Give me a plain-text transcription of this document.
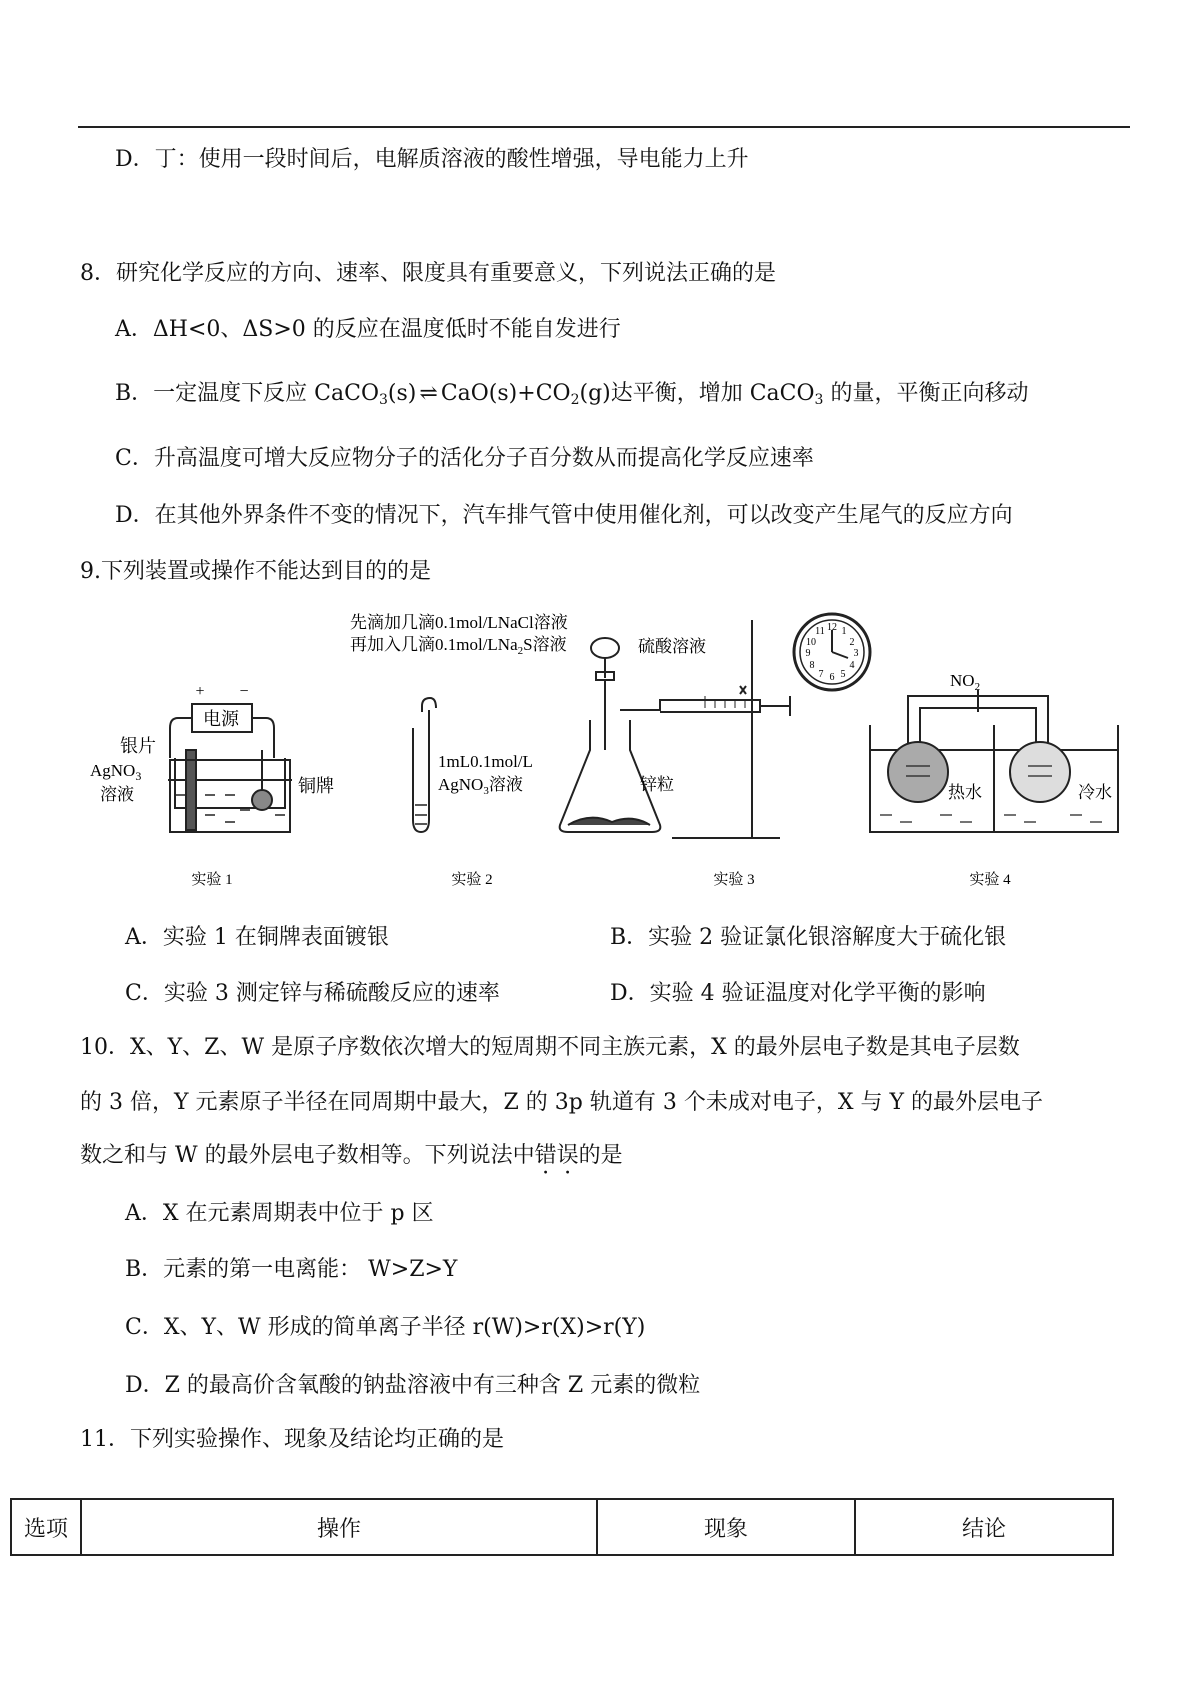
D．丁：使用一段时间后，电解质溶液的酸性增强，导电能力上升
8．研究化学反应的方向、速率、限度具有重要意义，下列说法正确的是
A．ΔH<0、ΔS>0 的反应在温度低时不能自发进行
B．一定温度下反应 CaCO$_3$(s) ⇌ $CaO(s)+CO_2(g)$达平衡，增加 CaCO$_3$ 的量，平衡正向移动
C．升高温度可增大反应物分子的活化分子百分数从而提高化学反应速率
D．在其他外界条件不变的情况下，汽车排气管中使用催化剂，可以改变产生尾气的反应方向
9.下列装置或操作不能达到目的的是
电源
+ −
银片
AgNO$_3$
溶液	铜牌
实验 1
先滴加几滴0.1mol/LNaCl溶液
再加入几滴0.1mol/LNa$_2$S溶液
1mL0.1mol/L
AgNO$_3$溶液
实验 2
硫酸溶液
锌粒
12 1
2
3
4
5
6
7
8
9
10
11
实验 3
$NO_2$
热水	冷水
实验 4
A．实验 1 在铜牌表面镀银	B．实验 2 验证氯化银溶解度大于硫化银
C．实验 3 测定锌与稀硫酸反应的速率	D．实验 4 验证温度对化学平衡的影响
10．X、Y、Z、W 是原子序数依次增大的短周期不同主族元素，X 的最外层电子数是其电子层数
的 3 倍，Y 元素原子半径在同周期中最大，Z 的 3p 轨道有 3 个未成对电子，X 与 Y 的最外层电子
数之和与 W 的最外层电子数相等。下列说法中错误的是
A．X 在元素周期表中位于 p 区
B．元素的第一电离能： W>Z>Y
C．X、Y、W 形成的简单离子半径 r(W)>r(X)>r(Y)
D．Z 的最高价含氧酸的钠盐溶液中有三种含 Z 元素的微粒
11．下列实验操作、现象及结论均正确的是
选项	操作	现象	结论
